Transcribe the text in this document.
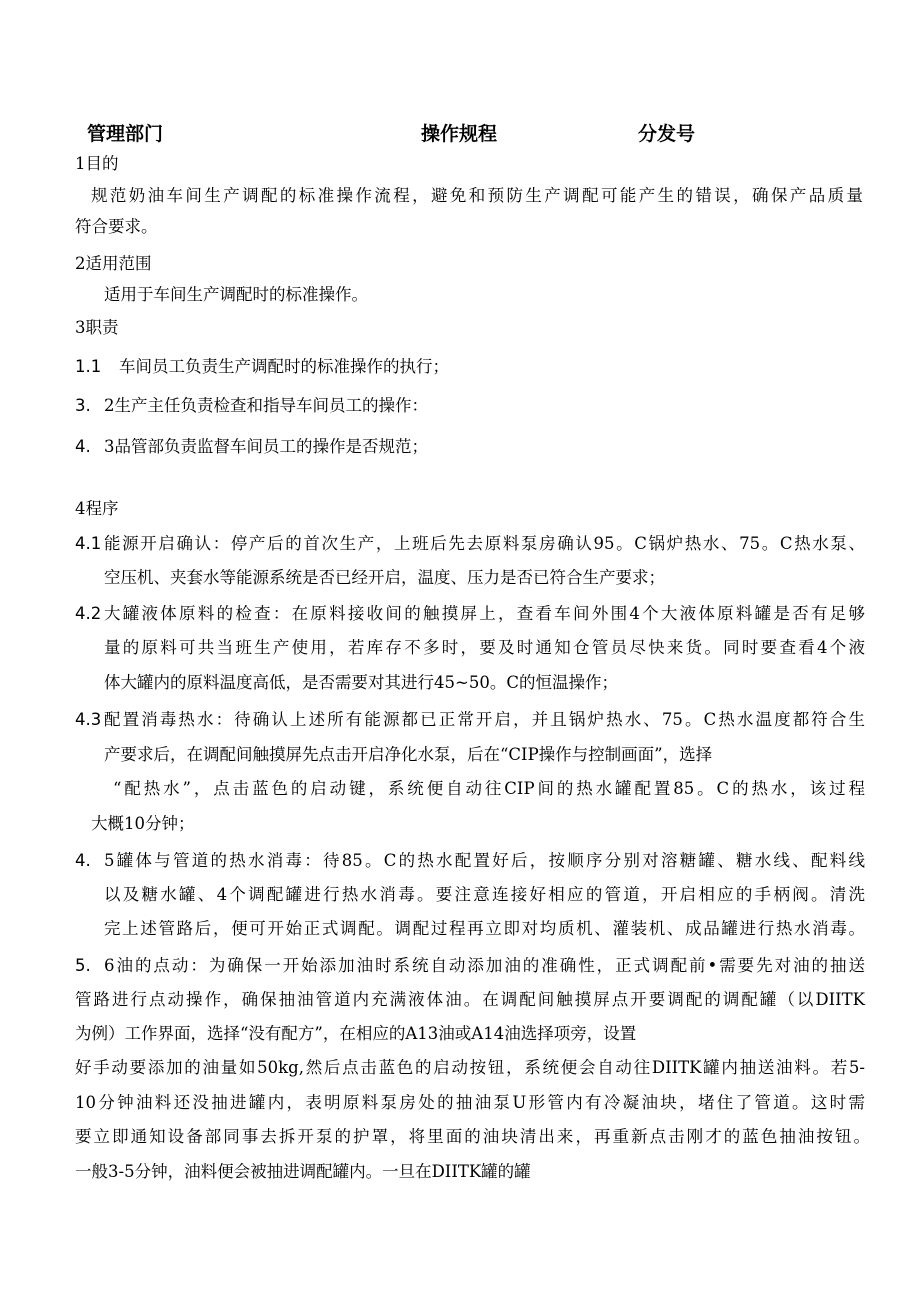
管理部门	操作规程	分发号
1目的
规范奶油车间生产调配的标准操作流程，避免和预防生产调配可能产生的错误，确保产品质量
符合要求。
2适用范围
适用于车间生产调配时的标准操作。
3职责
1.1 车间员工负责生产调配时的标准操作的执行；
3. 2生产主任负责检查和指导车间员工的操作：
4. 3品管部负责监督车间员工的操作是否规范；
4程序
4.1 能源开启确认：停产后的首次生产，上班后先去原料泵房确认95。C锅炉热水、75。C热水泵、
空压机、夹套水等能源系统是否已经开启，温度、压力是否已符合生产要求；
4.2 大罐液体原料的检查：在原料接收间的触摸屏上，查看车间外围4个大液体原料罐是否有足够
量的原料可共当班生产使用，若库存不多时，要及时通知仓管员尽快来货。同时要查看4个液
体大罐内的原料温度高低，是否需要对其进行45~50。C的恒温操作；
4.3 配置消毒热水：待确认上述所有能源都已正常开启，并且锅炉热水、75。C热水温度都符合生
产要求后，在调配间触摸屏先点击开启净化水泵，后在“CIP操作与控制画面”，选择
“配热水”，点击蓝色的启动键，系统便自动往CIP间的热水罐配置85。C的热水，该过程
大概10分钟；
4. 5罐体与管道的热水消毒：待85。C的热水配置好后，按顺序分别对溶糖罐、糖水线、配料线
以及糖水罐、4个调配罐进行热水消毒。要注意连接好相应的管道，开启相应的手柄阀。清洗
完上述管路后，便可开始正式调配。调配过程再立即对均质机、灌装机、成品罐进行热水消毒。
5. 6油的点动：为确保一开始添加油时系统自动添加油的准确性，正式调配前•需要先对油的抽送
管路进行点动操作，确保抽油管道内充满液体油。在调配间触摸屏点开要调配的调配罐（以DIITK
为例）工作界面，选择“没有配方”，在相应的A13油或A14油选择项旁，设置
好手动要添加的油量如50kg,然后点击蓝色的启动按钮，系统便会自动往DIITK罐内抽送油料。若5-
10分钟油料还没抽进罐内，表明原料泵房处的抽油泵U形管内有冷凝油块，堵住了管道。这时需
要立即通知设备部同事去拆开泵的护罩，将里面的油块清出来，再重新点击刚才的蓝色抽油按钮。
一般3-5分钟，油料便会被抽进调配罐内。一旦在DIITK罐的罐
